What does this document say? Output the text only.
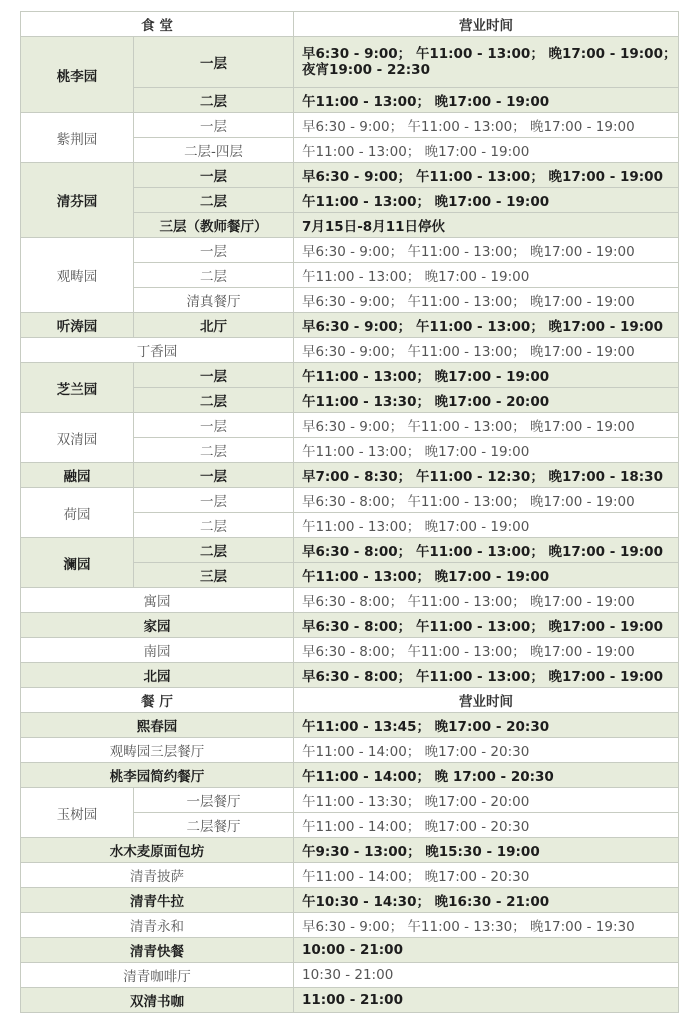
食 堂		营业时间
桃李园	一层	早6:30 - 9:00； 午11:00 - 13:00； 晚17:00 - 19:00；
夜宵19:00 - 22:30
	二层	午11:00 - 13:00； 晚17:00 - 19:00
紫荆园	一层	早6:30 - 9:00； 午11:00 - 13:00； 晚17:00 - 19:00
	二层-四层	午11:00 - 13:00； 晚17:00 - 19:00
清芬园	一层	早6:30 - 9:00； 午11:00 - 13:00； 晚17:00 - 19:00
	二层	午11:00 - 13:00； 晚17:00 - 19:00
	三层（教师餐厅）	7月15日-8月11日停伙
观畴园	一层	早6:30 - 9:00； 午11:00 - 13:00； 晚17:00 - 19:00
	二层	午11:00 - 13:00； 晚17:00 - 19:00
	清真餐厅	早6:30 - 9:00； 午11:00 - 13:00； 晚17:00 - 19:00
听涛园	北厅	早6:30 - 9:00； 午11:00 - 13:00； 晚17:00 - 19:00
丁香园		早6:30 - 9:00； 午11:00 - 13:00； 晚17:00 - 19:00
芝兰园	一层	午11:00 - 13:00； 晚17:00 - 19:00
	二层	午11:00 - 13:30； 晚17:00 - 20:00
双清园	一层	早6:30 - 9:00； 午11:00 - 13:00； 晚17:00 - 19:00
	二层	午11:00 - 13:00； 晚17:00 - 19:00
融园	一层	早7:00 - 8:30； 午11:00 - 12:30； 晚17:00 - 18:30
荷园	一层	早6:30 - 8:00； 午11:00 - 13:00； 晚17:00 - 19:00
	二层	午11:00 - 13:00； 晚17:00 - 19:00
澜园	二层	早6:30 - 8:00； 午11:00 - 13:00； 晚17:00 - 19:00
	三层	午11:00 - 13:00； 晚17:00 - 19:00
寓园		早6:30 - 8:00； 午11:00 - 13:00； 晚17:00 - 19:00
家园		早6:30 - 8:00； 午11:00 - 13:00； 晚17:00 - 19:00
南园		早6:30 - 8:00； 午11:00 - 13:00； 晚17:00 - 19:00
北园		早6:30 - 8:00； 午11:00 - 13:00； 晚17:00 - 19:00
餐 厅		营业时间
熙春园		午11:00 - 13:45； 晚17:00 - 20:30
观畴园三层餐厅		午11:00 - 14:00； 晚17:00 - 20:30
桃李园简约餐厅		午11:00 - 14:00； 晚 17:00 - 20:30
玉树园	一层餐厅	午11:00 - 13:30； 晚17:00 - 20:00
	二层餐厅	午11:00 - 14:00； 晚17:00 - 20:30
水木麦原面包坊		午9:30 - 13:00； 晚15:30 - 19:00
清青披萨		午11:00 - 14:00； 晚17:00 - 20:30
清青牛拉		午10:30 - 14:30； 晚16:30 - 21:00
清青永和		早6:30 - 9:00； 午11:00 - 13:30； 晚17:00 - 19:30
清青快餐		10:00 - 21:00
清青咖啡厅		10:30 - 21:00
双清书咖		11:00 - 21:00
